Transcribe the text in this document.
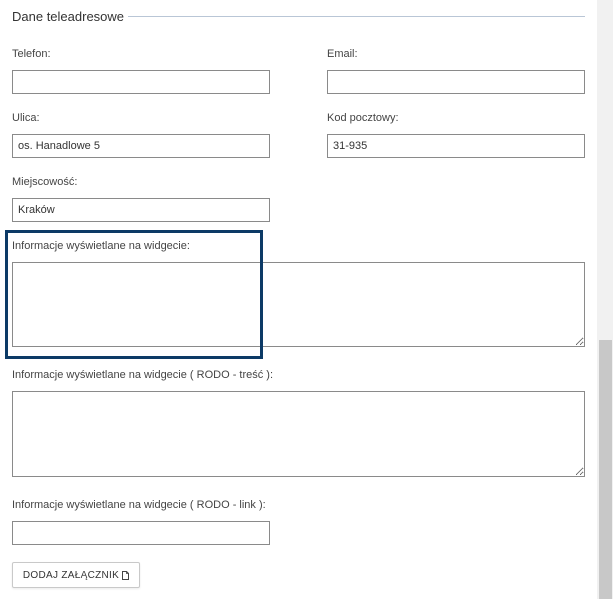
Dane teleadresowe
Telefon:	Email:
Ulica:
os. Hanadlowe 5	Kod pocztowy:
31-935
Miejscowość:
Kraków
Informacje wyświetlane na widgecie:
Informacje wyświetlane na widgecie ( RODO - treść ):
Informacje wyświetlane na widgecie ( RODO - link ):
DODAJ ZAŁĄCZNIK
